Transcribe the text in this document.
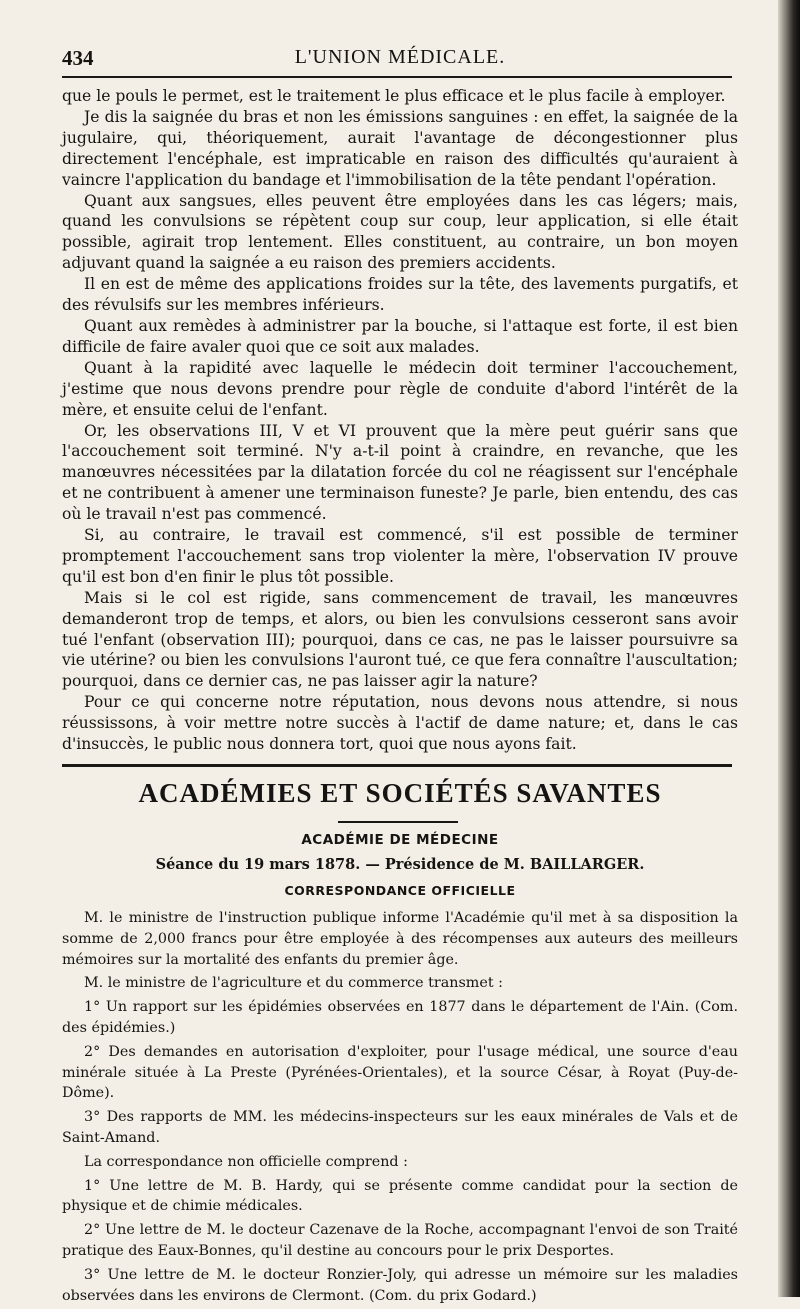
434	L'UNION MÉDICALE.

que le pouls le permet, est le traitement le plus efficace et le plus facile à employer.

Je dis la saignée du bras et non les émissions sanguines : en effet, la saignée de la jugulaire, qui, théoriquement, aurait l'avantage de décongestionner plus directement l'encéphale, est impraticable en raison des difficultés qu'auraient à vaincre l'application du bandage et l'immobilisation de la tête pendant l'opération.

Quant aux sangsues, elles peuvent être employées dans les cas légers; mais, quand les convulsions se répètent coup sur coup, leur application, si elle était possible, agirait trop lentement. Elles constituent, au contraire, un bon moyen adjuvant quand la saignée a eu raison des premiers accidents.

Il en est de même des applications froides sur la tête, des lavements purgatifs, et des révulsifs sur les membres inférieurs.

Quant aux remèdes à administrer par la bouche, si l'attaque est forte, il est bien difficile de faire avaler quoi que ce soit aux malades.

Quant à la rapidité avec laquelle le médecin doit terminer l'accouchement, j'estime que nous devons prendre pour règle de conduite d'abord l'intérêt de la mère, et ensuite celui de l'enfant.

Or, les observations III, V et VI prouvent que la mère peut guérir sans que l'accouchement soit terminé. N'y a-t-il point à craindre, en revanche, que les manœuvres nécessitées par la dilatation forcée du col ne réagissent sur l'encéphale et ne contribuent à amener une terminaison funeste? Je parle, bien entendu, des cas où le travail n'est pas commencé.

Si, au contraire, le travail est commencé, s'il est possible de terminer promptement l'accouchement sans trop violenter la mère, l'observation IV prouve qu'il est bon d'en finir le plus tôt possible.

Mais si le col est rigide, sans commencement de travail, les manœuvres demanderont trop de temps, et alors, ou bien les convulsions cesseront sans avoir tué l'enfant (observation III); pourquoi, dans ce cas, ne pas le laisser poursuivre sa vie utérine? ou bien les convulsions l'auront tué, ce que fera connaître l'auscultation; pourquoi, dans ce dernier cas, ne pas laisser agir la nature?

Pour ce qui concerne notre réputation, nous devons nous attendre, si nous réussissons, à voir mettre notre succès à l'actif de dame nature; et, dans le cas d'insuccès, le public nous donnera tort, quoi que nous ayons fait.

ACADÉMIES ET SOCIÉTÉS SAVANTES
ACADÉMIE DE MÉDECINE
Séance du 19 mars 1878. — Présidence de M. BAILLARGER.
CORRESPONDANCE OFFICIELLE

M. le ministre de l'instruction publique informe l'Académie qu'il met à sa disposition la somme de 2,000 francs pour être employée à des récompenses aux auteurs des meilleurs mémoires sur la mortalité des enfants du premier âge.

M. le ministre de l'agriculture et du commerce transmet :

1° Un rapport sur les épidémies observées en 1877 dans le département de l'Ain. (Com. des épidémies.)

2° Des demandes en autorisation d'exploiter, pour l'usage médical, une source d'eau minérale située à La Preste (Pyrénées-Orientales), et la source César, à Royat (Puy-de-Dôme).

3° Des rapports de MM. les médecins-inspecteurs sur les eaux minérales de Vals et de Saint-Amand.

La correspondance non officielle comprend :

1° Une lettre de M. B. Hardy, qui se présente comme candidat pour la section de physique et de chimie médicales.

2° Une lettre de M. le docteur Cazenave de la Roche, accompagnant l'envoi de son Traité pratique des Eaux-Bonnes, qu'il destine au concours pour le prix Desportes.

3° Une lettre de M. le docteur Ronzier-Joly, qui adresse un mémoire sur les maladies observées dans les environs de Clermont. (Com. du prix Godard.)
